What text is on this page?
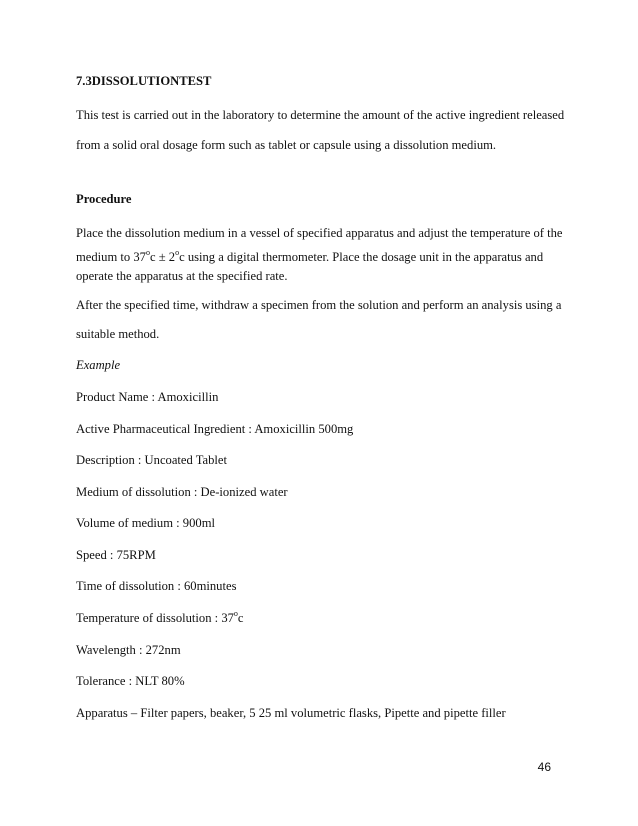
7.3DISSOLUTIONTEST
This test is carried out in the laboratory to determine the amount of the active ingredient released
from a solid oral dosage form such as tablet or capsule using a dissolution medium.
Procedure
Place the dissolution medium in a vessel of specified apparatus and adjust the temperature of the
medium to $37^oc \pm 2^oc$ using a digital thermometer. Place the dosage unit in the apparatus and
operate the apparatus at the specified rate.
After the specified time, withdraw a specimen from the solution and perform an analysis using a
suitable method.
Example
Product Name : Amoxicillin
Active Pharmaceutical Ingredient : Amoxicillin 500mg
Description : Uncoated Tablet
Medium of dissolution : De-ionized water
Volume of medium : 900ml
Speed : 75RPM
Time of dissolution : 60minutes
Temperature of dissolution : 37$^o$c
Wavelength : 272nm
Tolerance : NLT 80%
Apparatus – Filter papers, beaker, 5 25 ml volumetric flasks, Pipette and pipette filler
46
